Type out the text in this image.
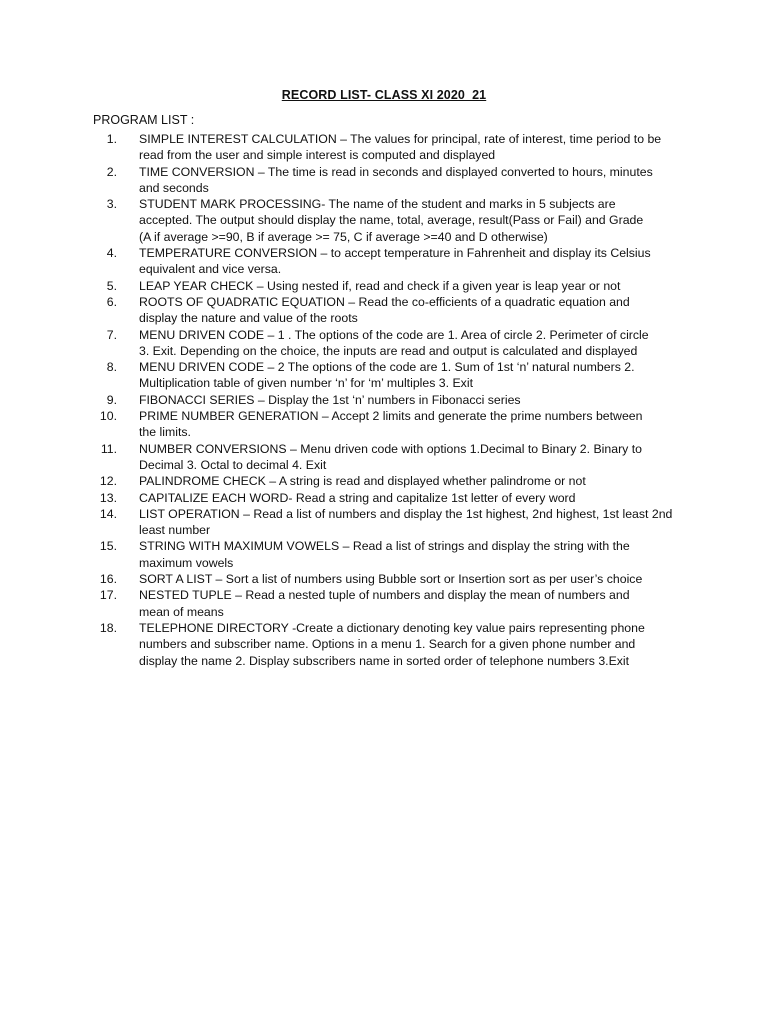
RECORD LIST- CLASS XI 2020  21
PROGRAM LIST :
1.	SIMPLE INTEREST CALCULATION – The values for principal, rate of interest, time period to be
read from the user and simple interest is computed and displayed
2.	TIME CONVERSION – The time is read in seconds and displayed converted to hours, minutes
and seconds
3.	STUDENT MARK PROCESSING- The name of the student and marks in 5 subjects are
accepted. The output should display the name, total, average, result(Pass or Fail) and Grade
(A if average >=90, B if average >= 75, C if average >=40 and D otherwise)
4.	TEMPERATURE CONVERSION – to accept temperature in Fahrenheit and display its Celsius
equivalent and vice versa.
5.	LEAP YEAR CHECK – Using nested if, read and check if a given year is leap year or not
6.	ROOTS OF QUADRATIC EQUATION – Read the co-efficients of a quadratic equation and
display the nature and value of the roots
7.	MENU DRIVEN CODE – 1 . The options of the code are 1. Area of circle 2. Perimeter of circle
3. Exit. Depending on the choice, the inputs are read and output is calculated and displayed
8.	MENU DRIVEN CODE – 2 The options of the code are 1. Sum of 1st ‘n’ natural numbers 2.
Multiplication table of given number ‘n’ for ‘m’ multiples 3. Exit
9.	FIBONACCI SERIES – Display the 1st ‘n’ numbers in Fibonacci series
10.	PRIME NUMBER GENERATION – Accept 2 limits and generate the prime numbers between
the limits.
11.	NUMBER CONVERSIONS – Menu driven code with options 1.Decimal to Binary 2. Binary to
Decimal 3. Octal to decimal 4. Exit
12.	PALINDROME CHECK – A string is read and displayed whether palindrome or not
13.	CAPITALIZE EACH WORD- Read a string and capitalize 1st letter of every word
14.	LIST OPERATION – Read a list of numbers and display the 1st highest, 2nd highest, 1st least 2nd
least number
15.	STRING WITH MAXIMUM VOWELS – Read a list of strings and display the string with the
maximum vowels
16.	SORT A LIST – Sort a list of numbers using Bubble sort or Insertion sort as per user’s choice
17.	NESTED TUPLE – Read a nested tuple of numbers and display the mean of numbers and
mean of means
18.	TELEPHONE DIRECTORY -Create a dictionary denoting key value pairs representing phone
numbers and subscriber name. Options in a menu 1. Search for a given phone number and
display the name 2. Display subscribers name in sorted order of telephone numbers 3.Exit
